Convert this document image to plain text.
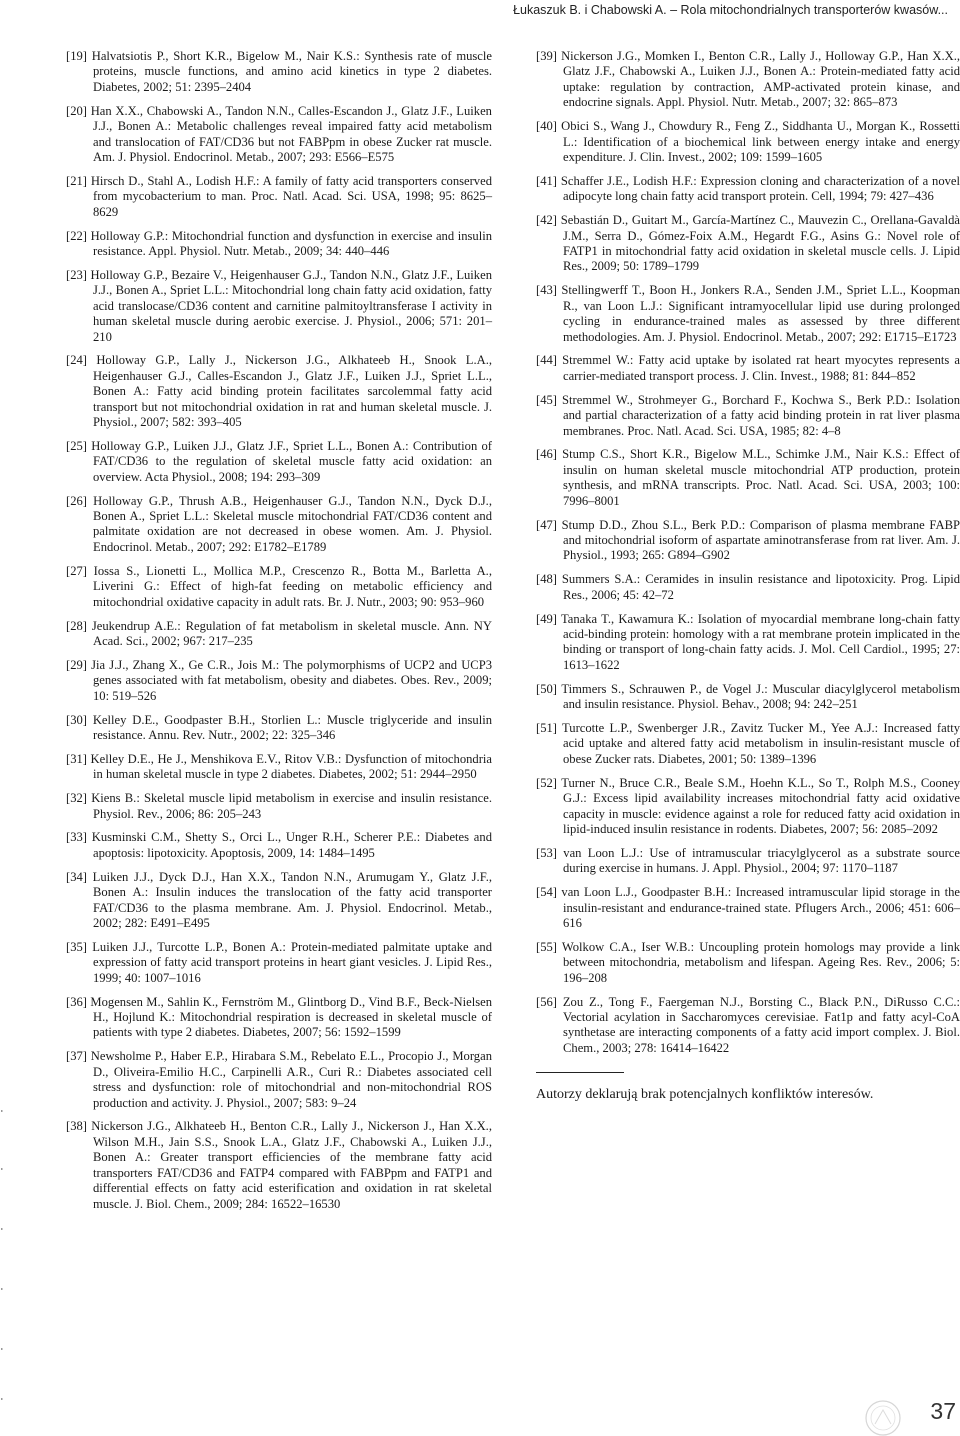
Łukaszuk B. i Chabowski A. – Rola mitochondrialnych transporterów kwasów...
[19] Halvatsiotis P., Short K.R., Bigelow M., Nair K.S.: Synthesis rate of muscle proteins, muscle functions, and amino acid kinetics in type 2 diabetes. Diabetes, 2002; 51: 2395–2404
[20] Han X.X., Chabowski A., Tandon N.N., Calles-Escandon J., Glatz J.F., Luiken J.J., Bonen A.: Metabolic challenges reveal impaired fatty acid metabolism and translocation of FAT/CD36 but not FABPpm in obese Zucker rat muscle. Am. J. Physiol. Endocrinol. Metab., 2007; 293: E566–E575
[21] Hirsch D., Stahl A., Lodish H.F.: A family of fatty acid transporters conserved from mycobacterium to man. Proc. Natl. Acad. Sci. USA, 1998; 95: 8625–8629
[22] Holloway G.P.: Mitochondrial function and dysfunction in exercise and insulin resistance. Appl. Physiol. Nutr. Metab., 2009; 34: 440–446
[23] Holloway G.P., Bezaire V., Heigenhauser G.J., Tandon N.N., Glatz J.F., Luiken J.J., Bonen A., Spriet L.L.: Mitochondrial long chain fatty acid oxidation, fatty acid translocase/CD36 content and carnitine palmitoyltransferase I activity in human skeletal muscle during aerobic exercise. J. Physiol., 2006; 571: 201–210
[24] Holloway G.P., Lally J., Nickerson J.G., Alkhateeb H., Snook L.A., Heigenhauser G.J., Calles-Escandon J., Glatz J.F., Luiken J.J., Spriet L.L., Bonen A.: Fatty acid binding protein facilitates sarcolemmal fatty acid transport but not mitochondrial oxidation in rat and human skeletal muscle. J. Physiol., 2007; 582: 393–405
[25] Holloway G.P., Luiken J.J., Glatz J.F., Spriet L.L., Bonen A.: Contribution of FAT/CD36 to the regulation of skeletal muscle fatty acid oxidation: an overview. Acta Physiol., 2008; 194: 293–309
[26] Holloway G.P., Thrush A.B., Heigenhauser G.J., Tandon N.N., Dyck D.J., Bonen A., Spriet L.L.: Skeletal muscle mitochondrial FAT/CD36 content and palmitate oxidation are not decreased in obese women. Am. J. Physiol. Endocrinol. Metab., 2007; 292: E1782–E1789
[27] Iossa S., Lionetti L., Mollica M.P., Crescenzo R., Botta M., Barletta A., Liverini G.: Effect of high-fat feeding on metabolic efficiency and mitochondrial oxidative capacity in adult rats. Br. J. Nutr., 2003; 90: 953–960
[28] Jeukendrup A.E.: Regulation of fat metabolism in skeletal muscle. Ann. NY Acad. Sci., 2002; 967: 217–235
[29] Jia J.J., Zhang X., Ge C.R., Jois M.: The polymorphisms of UCP2 and UCP3 genes associated with fat metabolism, obesity and diabetes. Obes. Rev., 2009; 10: 519–526
[30] Kelley D.E., Goodpaster B.H., Storlien L.: Muscle triglyceride and insulin resistance. Annu. Rev. Nutr., 2002; 22: 325–346
[31] Kelley D.E., He J., Menshikova E.V., Ritov V.B.: Dysfunction of mitochondria in human skeletal muscle in type 2 diabetes. Diabetes, 2002; 51: 2944–2950
[32] Kiens B.: Skeletal muscle lipid metabolism in exercise and insulin resistance. Physiol. Rev., 2006; 86: 205–243
[33] Kusminski C.M., Shetty S., Orci L., Unger R.H., Scherer P.E.: Diabetes and apoptosis: lipotoxicity. Apoptosis, 2009, 14: 1484–1495
[34] Luiken J.J., Dyck D.J., Han X.X., Tandon N.N., Arumugam Y., Glatz J.F., Bonen A.: Insulin induces the translocation of the fatty acid transporter FAT/CD36 to the plasma membrane. Am. J. Physiol. Endocrinol. Metab., 2002; 282: E491–E495
[35] Luiken J.J., Turcotte L.P., Bonen A.: Protein-mediated palmitate uptake and expression of fatty acid transport proteins in heart giant vesicles. J. Lipid Res., 1999; 40: 1007–1016
[36] Mogensen M., Sahlin K., Fernström M., Glintborg D., Vind B.F., Beck-Nielsen H., Hojlund K.: Mitochondrial respiration is decreased in skeletal muscle of patients with type 2 diabetes. Diabetes, 2007; 56: 1592–1599
[37] Newsholme P., Haber E.P., Hirabara S.M., Rebelato E.L., Procopio J., Morgan D., Oliveira-Emilio H.C., Carpinelli A.R., Curi R.: Diabetes associated cell stress and dysfunction: role of mitochondrial and non-mitochondrial ROS production and activity. J. Physiol., 2007; 583: 9–24
[38] Nickerson J.G., Alkhateeb H., Benton C.R., Lally J., Nickerson J., Han X.X., Wilson M.H., Jain S.S., Snook L.A., Glatz J.F., Chabowski A., Luiken J.J., Bonen A.: Greater transport efficiencies of the membrane fatty acid transporters FAT/CD36 and FATP4 compared with FABPpm and FATP1 and differential effects on fatty acid esterification and oxidation in rat skeletal muscle. J. Biol. Chem., 2009; 284: 16522–16530
[39] Nickerson J.G., Momken I., Benton C.R., Lally J., Holloway G.P., Han X.X., Glatz J.F., Chabowski A., Luiken J.J., Bonen A.: Protein-mediated fatty acid uptake: regulation by contraction, AMP-activated protein kinase, and endocrine signals. Appl. Physiol. Nutr. Metab., 2007; 32: 865–873
[40] Obici S., Wang J., Chowdury R., Feng Z., Siddhanta U., Morgan K., Rossetti L.: Identification of a biochemical link between energy intake and energy expenditure. J. Clin. Invest., 2002; 109: 1599–1605
[41] Schaffer J.E., Lodish H.F.: Expression cloning and characterization of a novel adipocyte long chain fatty acid transport protein. Cell, 1994; 79: 427–436
[42] Sebastián D., Guitart M., García-Martínez C., Mauvezin C., Orellana-Gavaldà J.M., Serra D., Gómez-Foix A.M., Hegardt F.G., Asins G.: Novel role of FATP1 in mitochondrial fatty acid oxidation in skeletal muscle cells. J. Lipid Res., 2009; 50: 1789–1799
[43] Stellingwerff T., Boon H., Jonkers R.A., Senden J.M., Spriet L.L., Koopman R., van Loon L.J.: Significant intramyocellular lipid use during prolonged cycling in endurance-trained males as assessed by three different methodologies. Am. J. Physiol. Endocrinol. Metab., 2007; 292: E1715–E1723
[44] Stremmel W.: Fatty acid uptake by isolated rat heart myocytes represents a carrier-mediated transport process. J. Clin. Invest., 1988; 81: 844–852
[45] Stremmel W., Strohmeyer G., Borchard F., Kochwa S., Berk P.D.: Isolation and partial characterization of a fatty acid binding protein in rat liver plasma membranes. Proc. Natl. Acad. Sci. USA, 1985; 82: 4–8
[46] Stump C.S., Short K.R., Bigelow M.L., Schimke J.M., Nair K.S.: Effect of insulin on human skeletal muscle mitochondrial ATP production, protein synthesis, and mRNA transcripts. Proc. Natl. Acad. Sci. USA, 2003; 100: 7996–8001
[47] Stump D.D., Zhou S.L., Berk P.D.: Comparison of plasma membrane FABP and mitochondrial isoform of aspartate aminotransferase from rat liver. Am. J. Physiol., 1993; 265: G894–G902
[48] Summers S.A.: Ceramides in insulin resistance and lipotoxicity. Prog. Lipid Res., 2006; 45: 42–72
[49] Tanaka T., Kawamura K.: Isolation of myocardial membrane long-chain fatty acid-binding protein: homology with a rat membrane protein implicated in the binding or transport of long-chain fatty acids. J. Mol. Cell Cardiol., 1995; 27: 1613–1622
[50] Timmers S., Schrauwen P., de Vogel J.: Muscular diacylglycerol metabolism and insulin resistance. Physiol. Behav., 2008; 94: 242–251
[51] Turcotte L.P., Swenberger J.R., Zavitz Tucker M., Yee A.J.: Increased fatty acid uptake and altered fatty acid metabolism in insulin-resistant muscle of obese Zucker rats. Diabetes, 2001; 50: 1389–1396
[52] Turner N., Bruce C.R., Beale S.M., Hoehn K.L., So T., Rolph M.S., Cooney G.J.: Excess lipid availability increases mitochondrial fatty acid oxidative capacity in muscle: evidence against a role for reduced fatty acid oxidation in lipid-induced insulin resistance in rodents. Diabetes, 2007; 56: 2085–2092
[53] van Loon L.J.: Use of intramuscular triacylglycerol as a substrate source during exercise in humans. J. Appl. Physiol., 2004; 97: 1170–1187
[54] van Loon L.J., Goodpaster B.H.: Increased intramuscular lipid storage in the insulin-resistant and endurance-trained state. Pflugers Arch., 2006; 451: 606–616
[55] Wolkow C.A., Iser W.B.: Uncoupling protein homologs may provide a link between mitochondria, metabolism and lifespan. Ageing Res. Rev., 2006; 5: 196–208
[56] Zou Z., Tong F., Faergeman N.J., Borsting C., Black P.N., DiRusso C.C.: Vectorial acylation in Saccharomyces cerevisiae. Fat1p and fatty acyl-CoA synthetase are interacting components of a fatty acid import complex. J. Biol. Chem., 2003; 278: 16414–16422
Autorzy deklarują brak potencjalnych konfliktów interesów.
37
